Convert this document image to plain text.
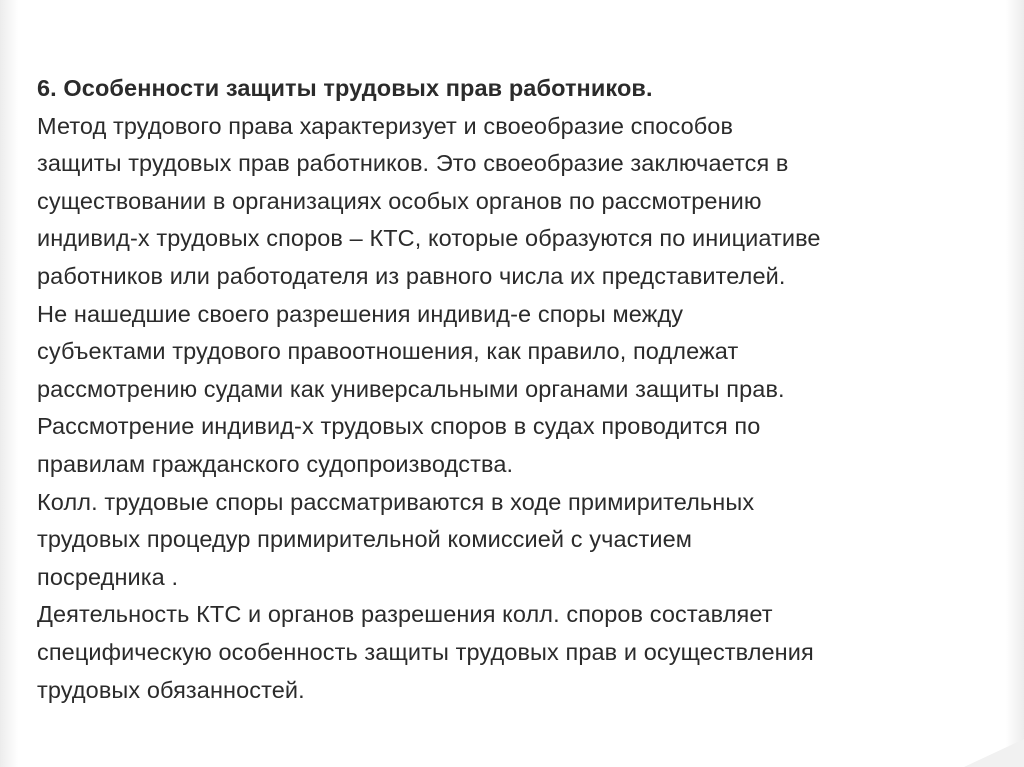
6. Особенности защиты трудовых прав работников.

Метод трудового права характеризует и своеобразие способов

защиты трудовых прав работников. Это своеобразие заключается в

существовании в организациях особых органов по рассмотрению

индивид-х трудовых споров – КТС, которые образуются по инициативе

работников или работодателя из равного числа их представителей.

Не нашедшие своего разрешения индивид-е споры между

субъектами трудового правоотношения, как правило, подлежат

рассмотрению судами как универсальными органами защиты прав.

Рассмотрение индивид-х трудовых споров в судах проводится по

правилам гражданского судопроизводства.

Колл. трудовые споры рассматриваются в ходе примирительных

трудовых процедур примирительной комиссией с участием

посредника .

Деятельность КТС и органов разрешения колл. споров составляет

специфическую особенность защиты трудовых прав и осуществления

трудовых обязанностей.
